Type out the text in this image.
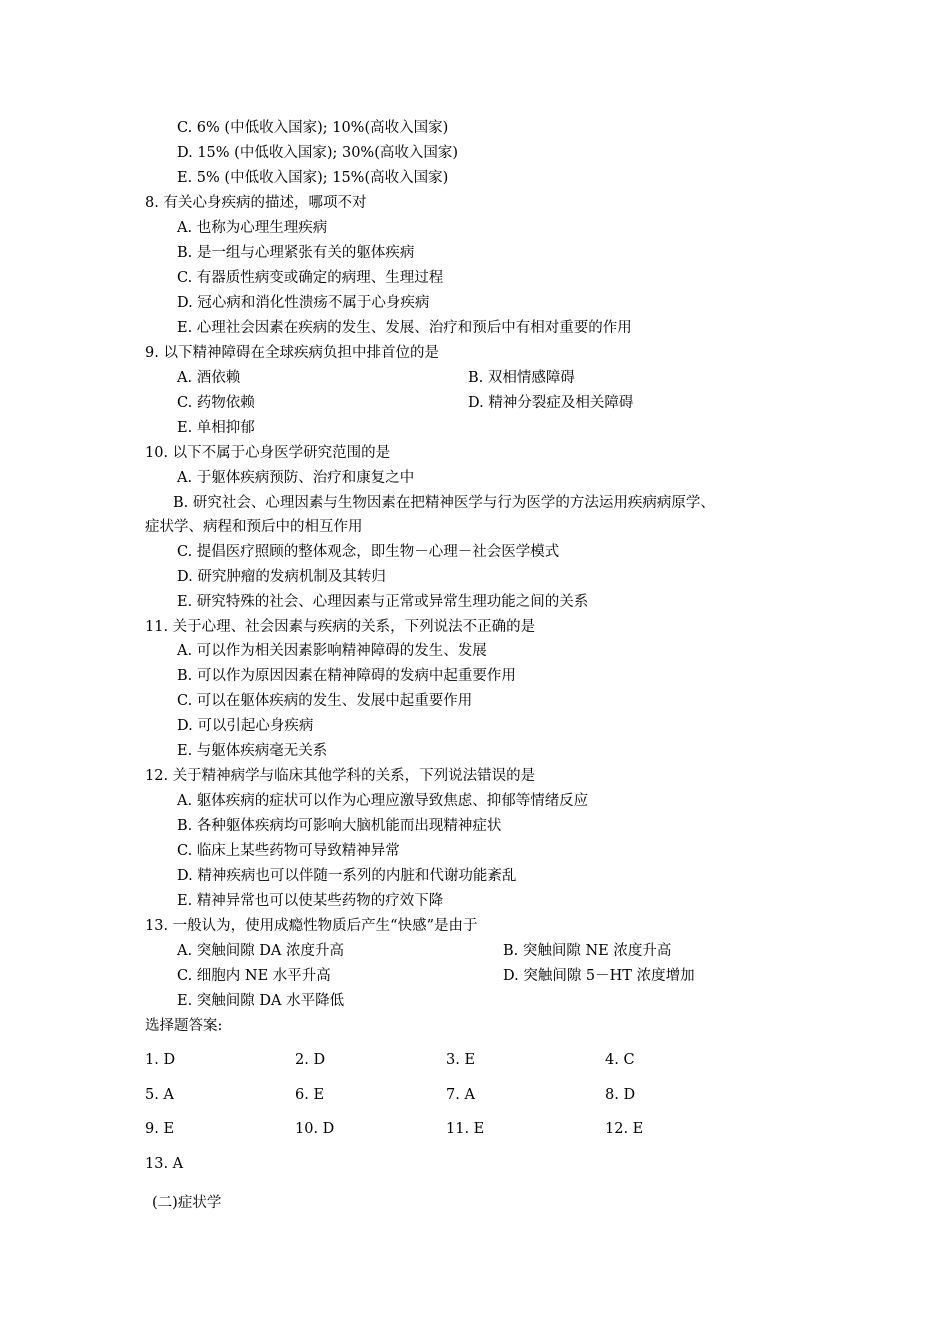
C. 6% (中低收入国家); 10%(高收入国家)
D. 15% (中低收入国家); 30%(高收入国家)
E. 5% (中低收入国家); 15%(高收入国家)
8. 有关心身疾病的描述，哪项不对
A. 也称为心理生理疾病
B. 是一组与心理紧张有关的躯体疾病
C. 有器质性病变或确定的病理、生理过程
D. 冠心病和消化性溃疡不属于心身疾病
E. 心理社会因素在疾病的发生、发展、治疗和预后中有相对重要的作用
9. 以下精神障碍在全球疾病负担中排首位的是
A. 酒依赖	B. 双相情感障碍
C. 药物依赖	D. 精神分裂症及相关障碍
E. 单相抑郁
10. 以下不属于心身医学研究范围的是
A. 于躯体疾病预防、治疗和康复之中
B. 研究社会、心理因素与生物因素在把精神医学与行为医学的方法运用疾病病原学、
症状学、病程和预后中的相互作用
C. 提倡医疗照顾的整体观念，即生物－心理－社会医学模式
D. 研究肿瘤的发病机制及其转归
E. 研究特殊的社会、心理因素与正常或异常生理功能之间的关系
11. 关于心理、社会因素与疾病的关系，下列说法不正确的是
A. 可以作为相关因素影响精神障碍的发生、发展
B. 可以作为原因因素在精神障碍的发病中起重要作用
C. 可以在躯体疾病的发生、发展中起重要作用
D. 可以引起心身疾病
E. 与躯体疾病毫无关系
12. 关于精神病学与临床其他学科的关系，下列说法错误的是
A. 躯体疾病的症状可以作为心理应激导致焦虑、抑郁等情绪反应
B. 各种躯体疾病均可影响大脑机能而出现精神症状
C. 临床上某些药物可导致精神异常
D. 精神疾病也可以伴随一系列的内脏和代谢功能紊乱
E. 精神异常也可以使某些药物的疗效下降
13. 一般认为，使用成瘾性物质后产生“快感”是由于
A. 突触间隙 DA 浓度升高	B. 突触间隙 NE 浓度升高
C. 细胞内 NE 水平升高	D. 突触间隙 5－HT 浓度增加
E. 突触间隙 DA 水平降低
选择题答案:
1. D	2. D	3. E	4. C
5. A	6. E	7. A	8. D
9. E	10. D	11. E	12. E
13. A
(二)症状学
